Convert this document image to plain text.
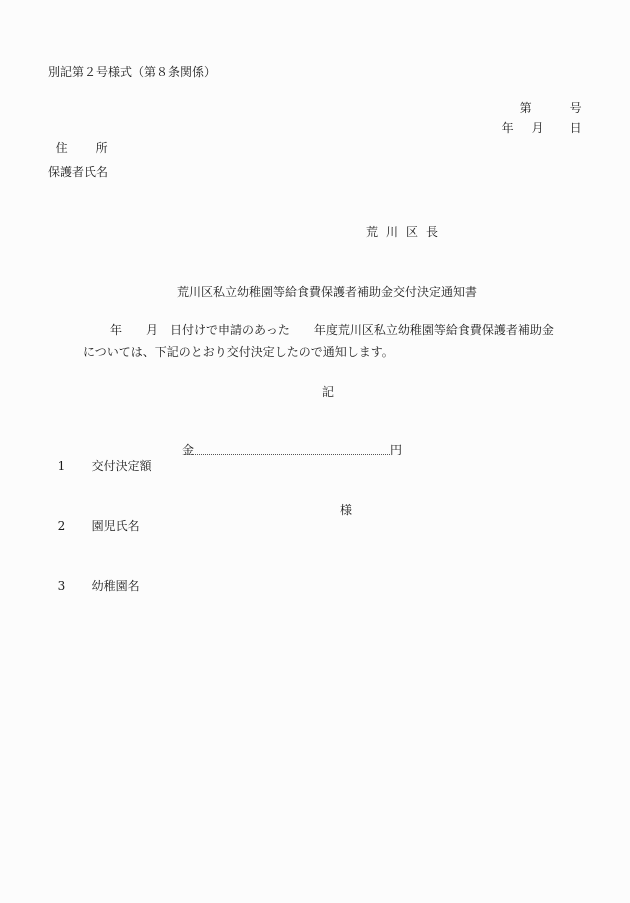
別記第２号様式（第８条関係）

第	号

年 月 日

住 所

保護者氏名
荒川区長
荒川区私立幼稚園等給食費保護者補助金交付決定通知書
年　　月　日付けで申請のあった　　年度荒川区私立幼稚園等給食費保護者補助金
については、下記のとおり交付決定したので通知します。
記

1 交付決定額

金	円

2 園児氏名

様

3 幼稚園名
